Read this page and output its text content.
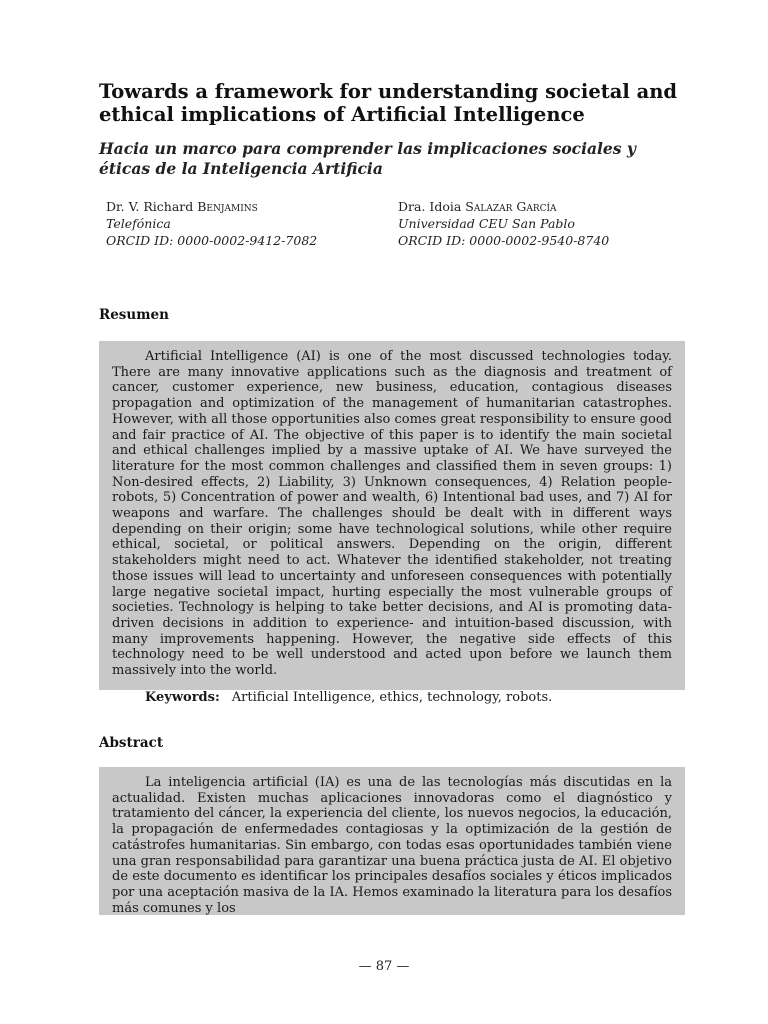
Towards a framework for understanding societal and ethical implications of Artificial Intelligence
Hacia un marco para comprender las implicaciones sociales y éticas de la Inteligencia Artificia
Dr. V. Richard Benjamins
Telefónica
ORCID ID: 0000-0002-9412-7082
Dra. Idoia Salazar García
Universidad CEU San Pablo
ORCID ID: 0000-0002-9540-8740
Resumen

Artificial Intelligence (AI) is one of the most discussed technologies today. There are many innovative applications such as the diagnosis and treatment of cancer, customer experience, new business, education, contagious diseases propagation and optimization of the management of humanitarian catastrophes. However, with all those opportunities also comes great responsibility to ensure good and fair practice of AI. The objective of this paper is to identify the main societal and ethical challenges implied by a massive uptake of AI. We have surveyed the literature for the most common challenges and classified them in seven groups: 1) Non-desired effects, 2) Liability, 3) Unknown consequences, 4) Relation people-robots, 5) Concentration of power and wealth, 6) Intentional bad uses, and 7) AI for weapons and warfare. The challenges should be dealt with in different ways depending on their origin; some have technological solutions, while other require ethical, societal, or political answers. Depending on the origin, different stakeholders might need to act. Whatever the identified stakeholder, not treating those issues will lead to uncertainty and unforeseen consequences with potentially large negative societal impact, hurting especially the most vulnerable groups of societies. Technology is helping to take better decisions, and AI is promoting data-driven decisions in addition to experience- and intuition-based discussion, with many improvements happening. However, the negative side effects of this technology need to be well understood and acted upon before we launch them massively into the world.

Keywords: Artificial Intelligence, ethics, technology, robots.
Abstract

La inteligencia artificial (IA) es una de las tecnologías más discutidas en la actualidad. Existen muchas aplicaciones innovadoras como el diagnóstico y tratamiento del cáncer, la experiencia del cliente, los nuevos negocios, la educación, la propagación de enfermedades contagiosas y la optimización de la gestión de catástrofes humanitarias. Sin embargo, con todas esas oportunidades también viene una gran responsabilidad para garantizar una buena práctica justa de AI. El objetivo de este documento es identificar los principales desafíos sociales y éticos implicados por una aceptación masiva de la IA. Hemos examinado la literatura para los desafíos más comunes y los

— 87 —
